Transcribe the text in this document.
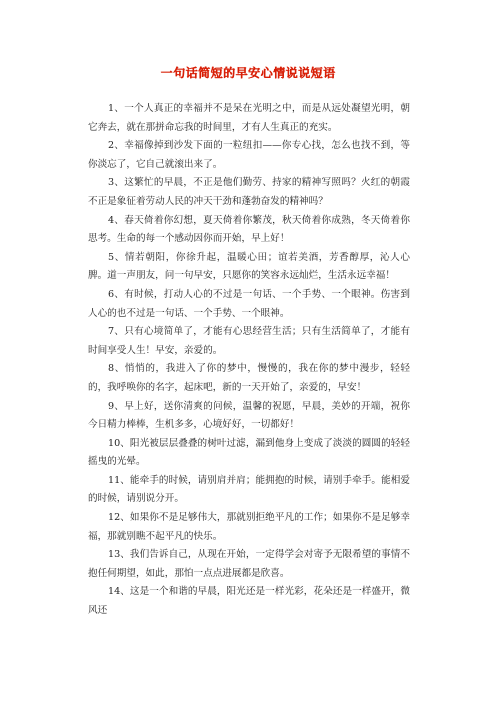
一句话简短的早安心情说说短语

1、一个人真正的幸福并不是呆在光明之中，而是从远处凝望光明，朝它奔去，就在那拼命忘我的时间里，才有人生真正的充实。

2、幸福像掉到沙发下面的一粒纽扣——你专心找，怎么也找不到，等你淡忘了，它自己就滚出来了。

3、这繁忙的早晨，不正是他们勤劳、持家的精神写照吗？火红的朝霞不正是象征着劳动人民的冲天干劲和蓬勃奋发的精神吗？

4、春天倚着你幻想，夏天倚着你繁茂，秋天倚着你成熟，冬天倚着你思考。生命的每一个感动因你而开始，早上好！

5、情若朝阳，你徐升起，温暖心田；谊若美酒，芳香醇厚，沁人心脾。道一声朋友，问一句早安，只愿你的笑容永远灿烂，生活永远幸福！

6、有时候，打动人心的不过是一句话、一个手势、一个眼神。伤害到人心的也不过是一句话、一个手势、一个眼神。

7、只有心境简单了，才能有心思经营生活；只有生活简单了，才能有时间享受人生！早安，亲爱的。

8、悄悄的，我进入了你的梦中，慢慢的，我在你的梦中漫步，轻轻的，我呼唤你的名字，起床吧，新的一天开始了，亲爱的，早安！

9、早上好，送你清爽的问候，温馨的祝愿，早晨，美妙的开端，祝你今日精力棒棒，生机多多，心境好好，一切都好！

10、阳光被层层叠叠的树叶过滤，漏到他身上变成了淡淡的圆圆的轻轻摇曳的光晕。

11、能牵手的时候，请别肩并肩；能拥抱的时候，请别手牵手。能相爱的时候，请别说分开。

12、如果你不是足够伟大，那就别拒绝平凡的工作；如果你不是足够幸福，那就别瞧不起平凡的快乐。

13、我们告诉自己，从现在开始，一定得学会对寄予无限希望的事情不抱任何期望，如此，那怕一点点进展都是欣喜。

14、这是一个和谐的早晨，阳光还是一样光彩，花朵还是一样盛开，微风还
